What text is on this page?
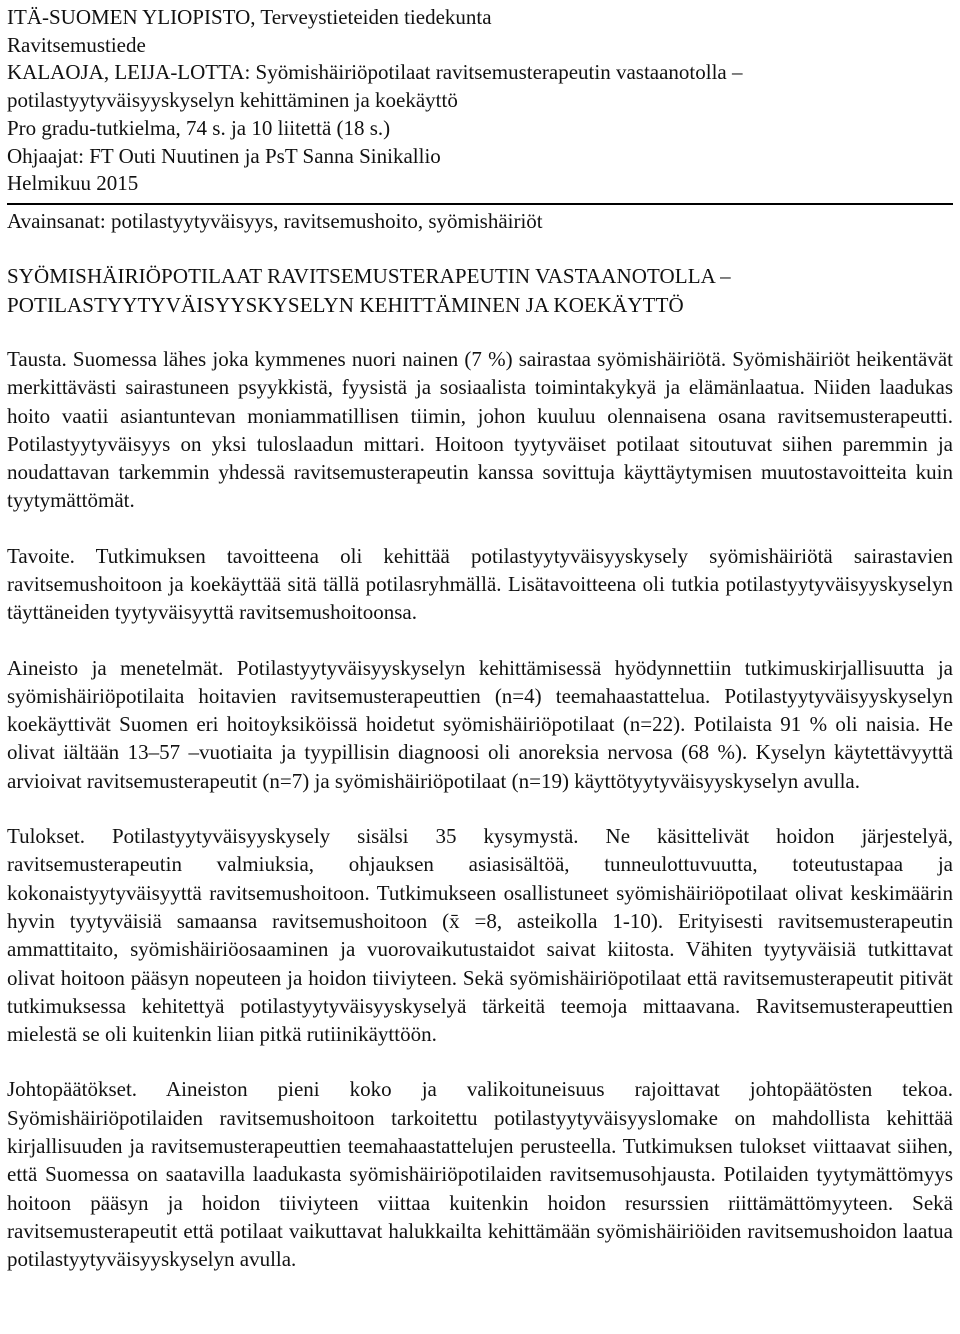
ITÄ-SUOMEN YLIOPISTO, Terveystieteiden tiedekunta
Ravitsemustiede
KALAOJA, LEIJA-LOTTA: Syömishäiriöpotilaat ravitsemusterapeutin vastaanotolla –
potilastyytyväisyyskyselyn kehittäminen ja koekäyttö
Pro gradu-tutkielma, 74 s. ja 10 liitettä (18 s.)
Ohjaajat: FT Outi Nuutinen ja PsT Sanna Sinikallio
Helmikuu 2015
Avainsanat: potilastyytyväisyys, ravitsemushoito, syömishäiriöt
SYÖMISHÄIRIÖPOTILAAT RAVITSEMUSTERAPEUTIN VASTAANOTOLLA –
POTILASTYYTYVÄISYYSKYSELYN KEHITTÄMINEN JA KOEKÄYTTÖ

Tausta. Suomessa lähes joka kymmenes nuori nainen (7 %) sairastaa syömishäiriötä. Syömishäiriöt heikentävät merkittävästi sairastuneen psyykkistä, fyysistä ja sosiaalista toimintakykyä ja elämänlaatua. Niiden laadukas hoito vaatii asiantuntevan moniammatillisen tiimin, johon kuuluu olennaisena osana ravitsemusterapeutti. Potilastyytyväisyys on yksi tuloslaadun mittari. Hoitoon tyytyväiset potilaat sitoutuvat siihen paremmin ja noudattavan tarkemmin yhdessä ravitsemusterapeutin kanssa sovittuja käyttäytymisen muutostavoitteita kuin tyytymättömät.

Tavoite. Tutkimuksen tavoitteena oli kehittää potilastyytyväisyyskysely syömishäiriötä sairastavien ravitsemushoitoon ja koekäyttää sitä tällä potilasryhmällä. Lisätavoitteena oli tutkia potilastyytyväisyyskyselyn täyttäneiden tyytyväisyyttä ravitsemushoitoonsa.

Aineisto ja menetelmät. Potilastyytyväisyyskyselyn kehittämisessä hyödynnettiin tutkimuskirjallisuutta ja syömishäiriöpotilaita hoitavien ravitsemusterapeuttien (n=4) teemahaastattelua. Potilastyytyväisyyskyselyn koekäyttivät Suomen eri hoitoyksiköissä hoidetut syömishäiriöpotilaat (n=22). Potilaista 91 % oli naisia. He olivat iältään 13–57 –vuotiaita ja tyypillisin diagnoosi oli anoreksia nervosa (68 %). Kyselyn käytettävyyttä arvioivat ravitsemusterapeutit (n=7) ja syömishäiriöpotilaat (n=19) käyttötyytyväisyyskyselyn avulla.

Tulokset. Potilastyytyväisyyskysely sisälsi 35 kysymystä. Ne käsittelivät hoidon järjestelyä, ravitsemusterapeutin valmiuksia, ohjauksen asiasisältöä, tunneulottuvuutta, toteutustapaa ja kokonaistyytyväisyyttä ravitsemushoitoon. Tutkimukseen osallistuneet syömishäiriöpotilaat olivat keskimäärin hyvin tyytyväisiä samaansa ravitsemushoitoon (x̄ =8, asteikolla 1-10). Erityisesti ravitsemusterapeutin ammattitaito, syömishäiriöosaaminen ja vuorovaikutustaidot saivat kiitosta. Vähiten tyytyväisiä tutkittavat olivat hoitoon pääsyn nopeuteen ja hoidon tiiviyteen. Sekä syömishäiriöpotilaat että ravitsemusterapeutit pitivät tutkimuksessa kehitettyä potilastyytyväisyyskyselyä tärkeitä teemoja mittaavana. Ravitsemusterapeuttien mielestä se oli kuitenkin liian pitkä rutiinikäyttöön.

Johtopäätökset. Aineiston pieni koko ja valikoituneisuus rajoittavat johtopäätösten tekoa. Syömishäiriöpotilaiden ravitsemushoitoon tarkoitettu potilastyytyväisyyslomake on mahdollista kehittää kirjallisuuden ja ravitsemusterapeuttien teemahaastattelujen perusteella. Tutkimuksen tulokset viittaavat siihen, että Suomessa on saatavilla laadukasta syömishäiriöpotilaiden ravitsemusohjausta. Potilaiden tyytymättömyys hoitoon pääsyn ja hoidon tiiviyteen viittaa kuitenkin hoidon resurssien riittämättömyyteen. Sekä ravitsemusterapeutit että potilaat vaikuttavat halukkailta kehittämään syömishäiriöiden ravitsemushoidon laatua potilastyytyväisyyskyselyn avulla.
